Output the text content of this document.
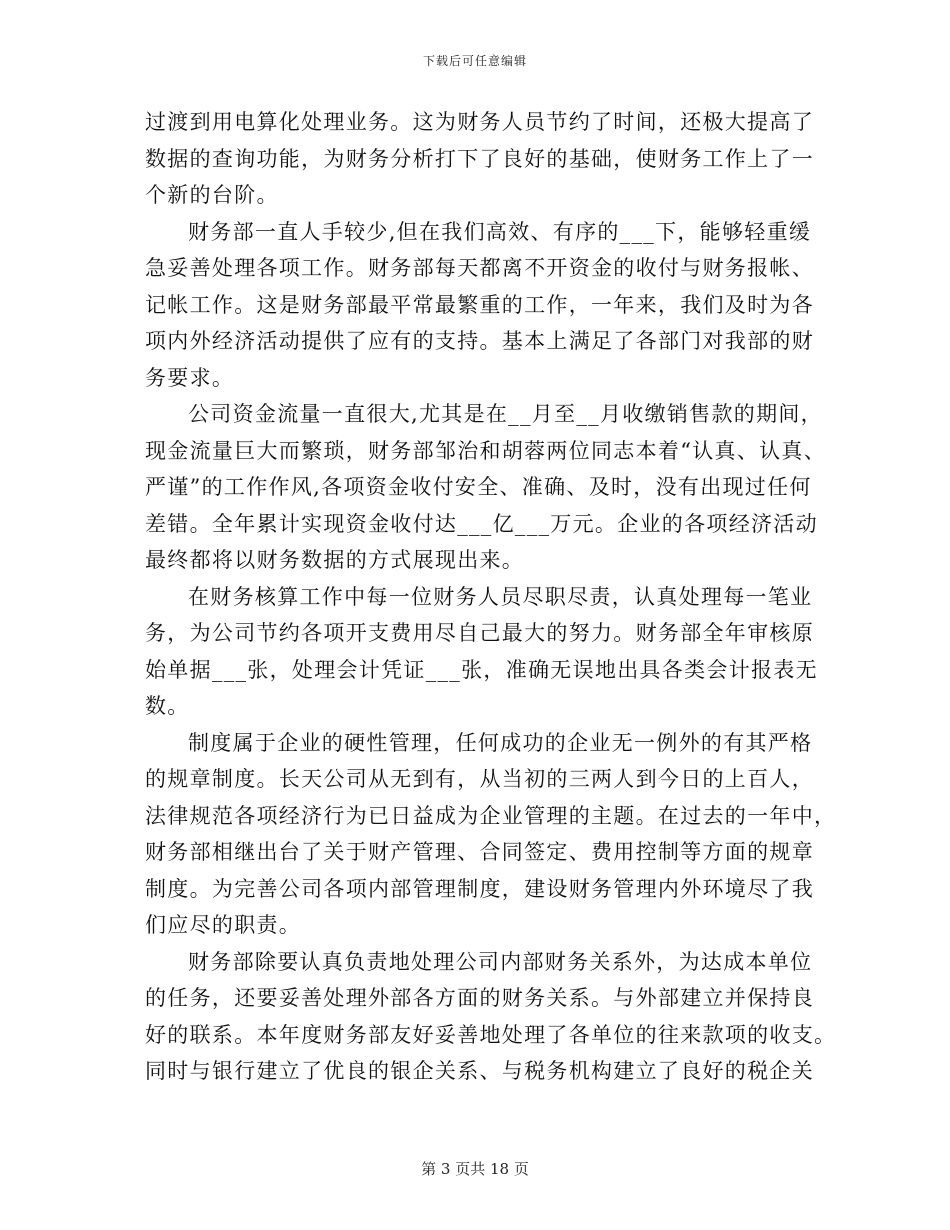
下载后可任意编辑
过渡到用电算化处理业务。这为财务人员节约了时间，还极大提高了
数据的查询功能，为财务分析打下了良好的基础，使财务工作上了一
个新的台阶。
财务部一直人手较少,但在我们高效、有序的___下，能够轻重缓
急妥善处理各项工作。财务部每天都离不开资金的收付与财务报帐、
记帐工作。这是财务部最平常最繁重的工作，一年来，我们及时为各
项内外经济活动提供了应有的支持。基本上满足了各部门对我部的财
务要求。
公司资金流量一直很大,尤其是在__月至__月收缴销售款的期间，
现金流量巨大而繁琐，财务部邹治和胡蓉两位同志本着“认真、认真、
严谨”的工作作风,各项资金收付安全、准确、及时，没有出现过任何
差错。全年累计实现资金收付达___亿___万元。企业的各项经济活动
最终都将以财务数据的方式展现出来。
在财务核算工作中每一位财务人员尽职尽责，认真处理每一笔业
务，为公司节约各项开支费用尽自己最大的努力。财务部全年审核原
始单据___张，处理会计凭证___张，准确无误地出具各类会计报表无
数。
制度属于企业的硬性管理，任何成功的企业无一例外的有其严格
的规章制度。长天公司从无到有，从当初的三两人到今日的上百人，
法律规范各项经济行为已日益成为企业管理的主题。在过去的一年中，
财务部相继出台了关于财产管理、合同签定、费用控制等方面的规章
制度。为完善公司各项内部管理制度，建设财务管理内外环境尽了我
们应尽的职责。
财务部除要认真负责地处理公司内部财务关系外，为达成本单位
的任务，还要妥善处理外部各方面的财务关系。与外部建立并保持良
好的联系。本年度财务部友好妥善地处理了各单位的往来款项的收支。
同时与银行建立了优良的银企关系、与税务机构建立了良好的税企关
第 3 页共 18 页
